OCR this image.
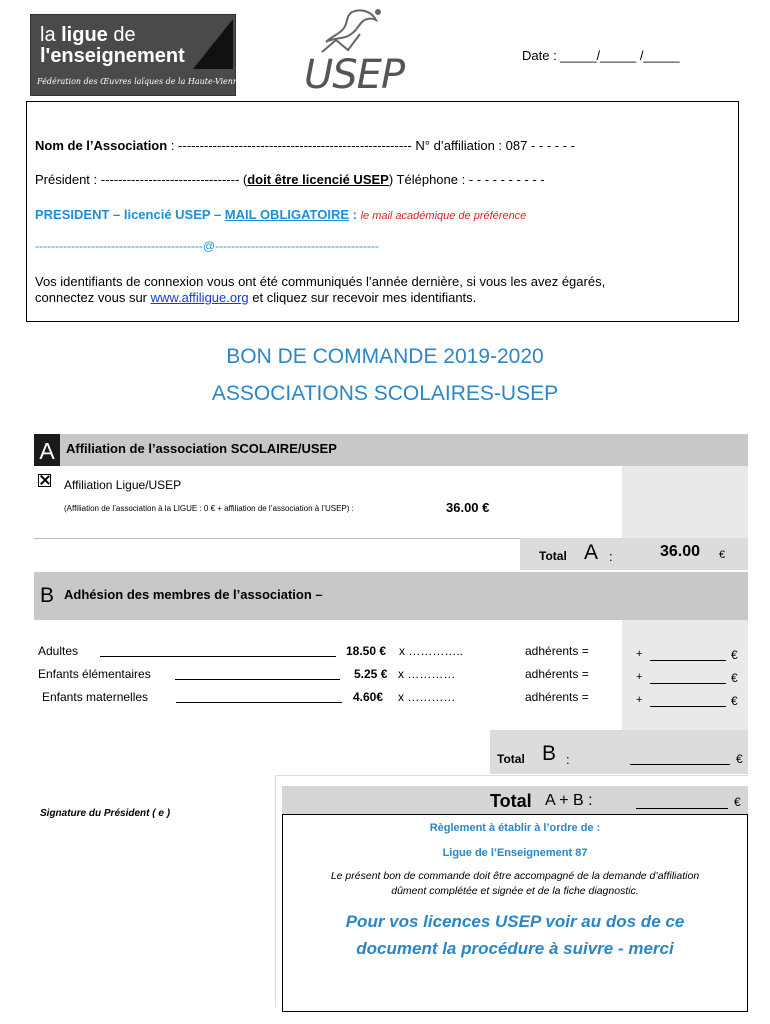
la ligue de
l'enseignement
Fédération des Œuvres laïques de la Haute-Vienne USEP	Date : _____/_____ /_____
Nom de l’Association : ------------------------------------------------------ N° d’affiliation : 087 - - - - - -
Président : -------------------------------- (doit être licencié USEP) Téléphone : - - - - - - - - - -
PRESIDENT – licencié USEP – MAIL OBLIGATOIRE : le mail académique de préférence
------------------------------------------@-----------------------------------------
Vos identifiants de connexion vous ont été communiqués l’année dernière, si vous les avez égarés,
connectez vous sur www.affiligue.org et cliquez sur recevoir mes identifiants.
BON DE COMMANDE 2019-2020
ASSOCIATIONS SCOLAIRES-USEP
A Affiliation de l’association SCOLAIRE/USEP
Affiliation Ligue/USEP
(Affiliation de l’association à la LIGUE : 0 € + affiliation de l’association à l’USEP) :	36.00 €
Total A :	36.00 €
B Adhésion des membres de l’association –
Adultes	18.50 € x …………..	adhérents =	+	€
Enfants élémentaires	5.25 € x …………	adhérents =	+	€
Enfants maternelles	4.60€ x …………	adhérents =	+	€
Total B :	€
Signature du Président ( e )
Total A + B :	€
Règlement à établir à l’ordre de :
Ligue de l’Enseignement 87
Le présent bon de commande doit être accompagné de la demande d’affiliation
dûment complétée et signée et de la fiche diagnostic.
Pour vos licences USEP voir au dos de ce
document la procédure à suivre - merci
